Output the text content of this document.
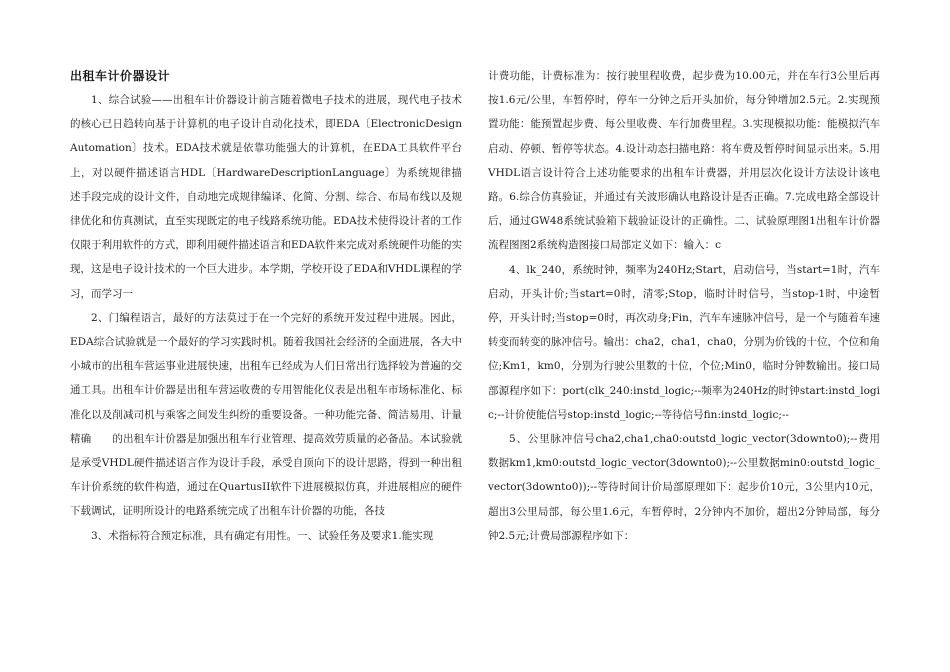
出租车计价器设计

1、综合试验——出租车计价器设计前言随着微电子技术的进展，现代电子技术的核心已日趋转向基于计算机的电子设计自动化技术，即EDA〔ElectronicDesignAutomation〕技术。EDA技术就是依靠功能强大的计算机，在EDA工具软件平台上，对以硬件描述语言HDL〔HardwareDescriptionLanguage〕为系统规律描述手段完成的设计文件，自动地完成规律编译、化简、分割、综合、布局布线以及规律优化和仿真测试，直至实现既定的电子线路系统功能。EDA技术使得设计者的工作仅限于利用软件的方式，即利用硬件描述语言和EDA软件来完成对系统硬件功能的实现，这是电子设计技术的一个巨大进步。本学期，学校开设了EDA和VHDL课程的学习，而学习一

2、门编程语言，最好的方法莫过于在一个完好的系统开发过程中进展。因此，EDA综合试验就是一个最好的学习实践时机。随着我国社会经济的全面进展，各大中小城市的出租车营运事业进展快速，出租车已经成为人们日常出行选择较为普遍的交通工具。出租车计价器是出租车营运收费的专用智能化仪表是出租车市场标准化、标准化以及削减司机与乘客之间发生纠纷的重要设备。一种功能完备、简洁易用、计量精确　　的出租车计价器是加强出租车行业管理、提高效劳质量的必备品。本试验就是承受VHDL硬件描述语言作为设计手段，承受自顶向下的设计思路，得到一种出租车计价系统的软件构造，通过在QuartusII软件下进展模拟仿真，并进展相应的硬件下载调试，证明所设计的电路系统完成了出租车计价器的功能，各技

3、术指标符合预定标准，具有确定有用性。一、试验任务及要求1.能实现

计费功能，计费标准为：按行驶里程收费，起步费为10.00元，并在车行3公里后再按1.6元/公里，车暂停时，停车一分钟之后开头加价，每分钟增加2.5元。2.实现预置功能：能预置起步费、每公里收费、车行加费里程。3.实现模拟功能：能模拟汽车启动、停顿、暂停等状态。4.设计动态扫描电路：将车费及暂停时间显示出来。5.用VHDL语言设计符合上述功能要求的出租车计费器，并用层次化设计方法设计该电路。6.综合仿真验证，并通过有关波形确认电路设计是否正确。7.完成电路全部设计后，通过GW48系统试验箱下载验证设计的正确性。二、试验原理图1出租车计价器流程图图2系统构造图接口局部定义如下：输入：c

4、lk_240，系统时钟，频率为240Hz;Start，启动信号，当start=1时，汽车启动，开头计价;当start=0时，清零;Stop，临时计时信号，当stop-1时，中途暂停，开头计时;当stop=0时，再次动身;Fin，汽车车速脉冲信号，是一个与随着车速转变而转变的脉冲信号。输出：cha2，cha1，cha0，分别为价钱的十位，个位和角位;Km1，km0，分别为行驶公里数的十位，个位;Min0，临时分钟数输出。接口局部源程序如下：port(clk_240:instd_logic;--频率为240Hz的时钟start:instd_logic;--计价使能信号stop:instd_logic;--等待信号fin:instd_logic;--

5、公里脉冲信号cha2,cha1,cha0:outstd_logic_vector(3downto0);--费用数据km1,km0:outstd_logic_vector(3downto0);--公里数据min0:outstd_logic_vector(3downto0));--等待时间计价局部原理如下：起步价10元，3公里内10元，超出3公里局部，每公里1.6元，车暂停时，2分钟内不加价，超出2分钟局部，每分钟2.5元;计费局部源程序如下：
